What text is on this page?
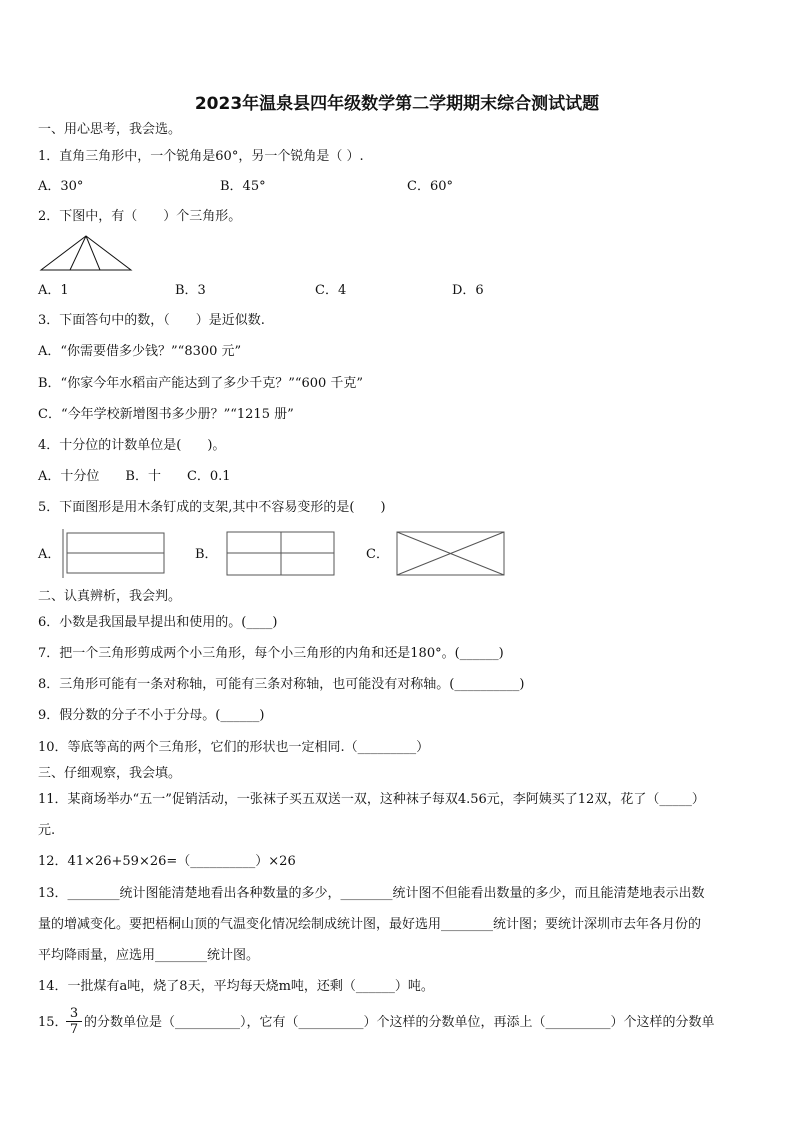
2023年温泉县四年级数学第二学期期末综合测试试题
一、用心思考，我会选。
1．直角三角形中，一个锐角是60°，另一个锐角是（ ）.
A．30°	B．45°	C．60°
2．下图中，有（　　）个三角形。
A．1	B．3	C．4	D．6
3．下面答句中的数，（　　）是近似数.
A．“你需要借多少钱？”“8300 元”
B．“你家今年水稻亩产能达到了多少千克？”“600 千克”
C．“今年学校新增图书多少册？”“1215 册”
4．十分位的计数单位是(　　)。
A．十分位　　B．十　　C．0.1
5．下面图形是用木条钉成的支架,其中不容易变形的是(　　)
A．	B．	C．
二、认真辨析，我会判。
6．小数是我国最早提出和使用的。(____)
7．把一个三角形剪成两个小三角形，每个小三角形的内角和还是180°。(______)
8．三角形可能有一条对称轴，可能有三条对称轴，也可能没有对称轴。(__________)
9．假分数的分子不小于分母。(______)
10．等底等高的两个三角形，它们的形状也一定相同.（_________）
三、仔细观察，我会填。
11．某商场举办“五一”促销活动，一张袜子买五双送一双，这种袜子每双4.56元，李阿姨买了12双，花了（_____）
元.
12．41×26+59×26=（__________）×26
13．________统计图能清楚地看出各种数量的多少，________统计图不但能看出数量的多少，而且能清楚地表示出数
量的增减变化。要把梧桐山顶的气温变化情况绘制成统计图，最好选用________统计图；要统计深圳市去年各月份的
平均降雨量，应选用________统计图。
14．一批煤有a吨，烧了8天，平均每天烧m吨，还剩（______）吨。
15．
$\frac{3}{7}$ 的分数单位是（__________），它有（__________）个这样的分数单位，再添上（__________）个这样的分数单
